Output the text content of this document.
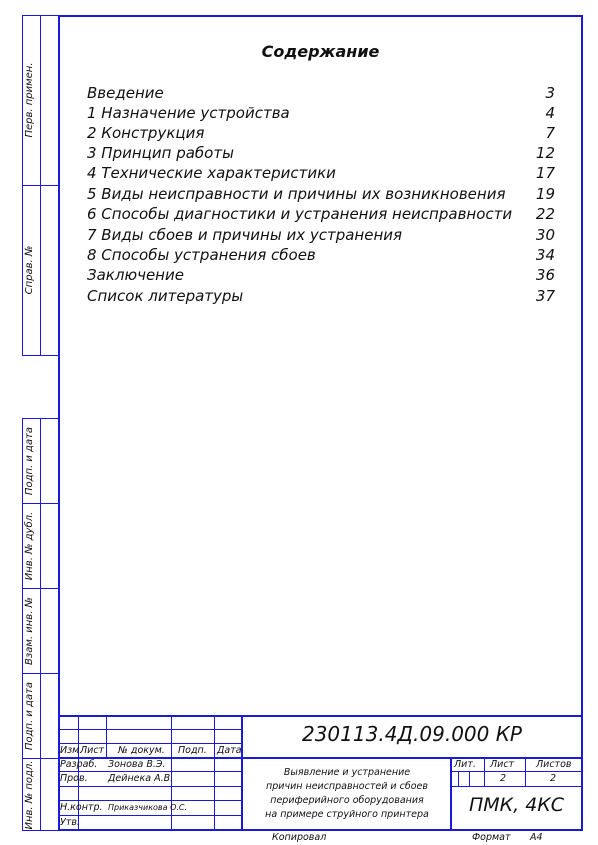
Перв. примен.
Справ. №
Подп. и дата
Инв. № дубл.
Взам. инв. №
Подп. и дата
Инв. № подл.
Содержание
Введение	3
1 Назначение устройства	4
2 Конструкция	7
3 Принцип работы	12
4 Технические характеристики	17
5 Виды неисправности и причины их возникновения 19
6 Способы диагностики и устранения неисправности 22
7 Виды сбоев и причины их устранения	30
8 Способы устранения сбоев	34
Заключение	36
Список литературы	37
230113.4Д.09.000 КР
Изм.
Лист № докум. Подп. Дата
Разраб. Зонова В.Э.
Пров. Дейнека А.В.
Н.контр. Приказчикова О.С.
Утв.
Выявление и устранение
причин неисправностей и сбоев
периферийного оборудования
на примере струйного принтера
Лит. Лист Листов
2	2
ПМК, 4КС
Копировал	Формат А4
